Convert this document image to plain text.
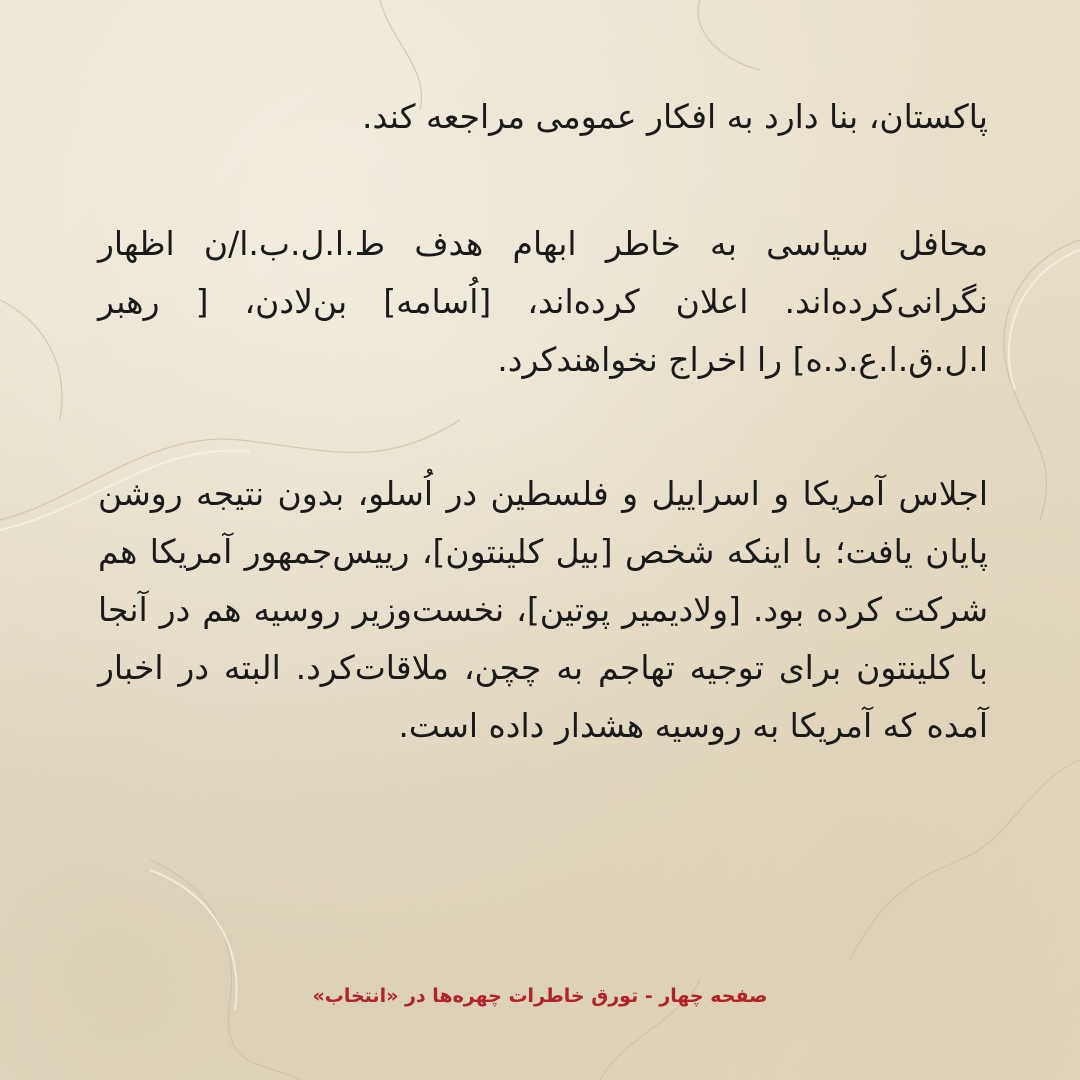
پاکستان، بنا دارد به افکار عمومی مراجعه کند.
محافل سیاسی به خاطر ابهام هدف ط.ا.ل.ب.ا/ن اظهار نگرانی‌کرده‌اند. اعلان کرده‌اند، [اُسامه] بن‌لادن، [ رهبر ا.ل.ق.ا.ع.د.ه] را اخراج نخواهندکرد.
اجلاس آمریکا و اسراییل و فلسطین در اُسلو، بدون نتیجه روشن پایان یافت؛ با اینکه شخص [بیل کلینتون]، رییس‌جمهور آمریکا هم شرکت کرده بود. [ولادیمیر پوتین]، نخست‌وزیر روسیه هم در آنجا با کلینتون برای توجیه تهاجم به چچن، ملاقات‌کرد. البته در اخبار آمده که آمریکا به روسیه هشدار داده است.
صفحه چهار - تورق خاطرات چهره‌ها در «انتخاب»
